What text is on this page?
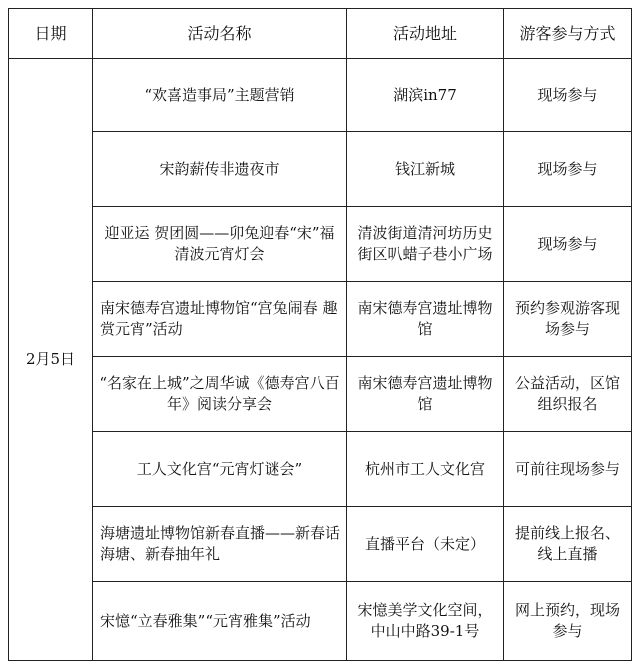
日期	活动名称	活动地址	游客参与方式
2月5日	“欢喜造事局”主题营销	湖滨in77	现场参与
	宋韵薪传非遗夜市	钱江新城	现场参与
	迎亚运 贺团圆——卯兔迎春“宋”福清波元宵灯会	清波街道清河坊历史街区叭蜡子巷小广场	现场参与
	南宋德寿宫遗址博物馆“宫兔闹春 趣赏元宵”活动	南宋德寿宫遗址博物馆	预约参观游客现场参与
	“名家在上城”之周华诚《德寿宫八百年》阅读分享会	南宋德寿宫遗址博物馆	公益活动，区馆组织报名
	工人文化宫“元宵灯谜会”	杭州市工人文化宫	可前往现场参与
	海塘遗址博物馆新春直播——新春话海塘、新春抽年礼	直播平台（未定）	提前线上报名、线上直播
	宋憶“立春雅集”“元宵雅集”活动	宋憶美学文化空间，中山中路39-1号	网上预约，现场参与
